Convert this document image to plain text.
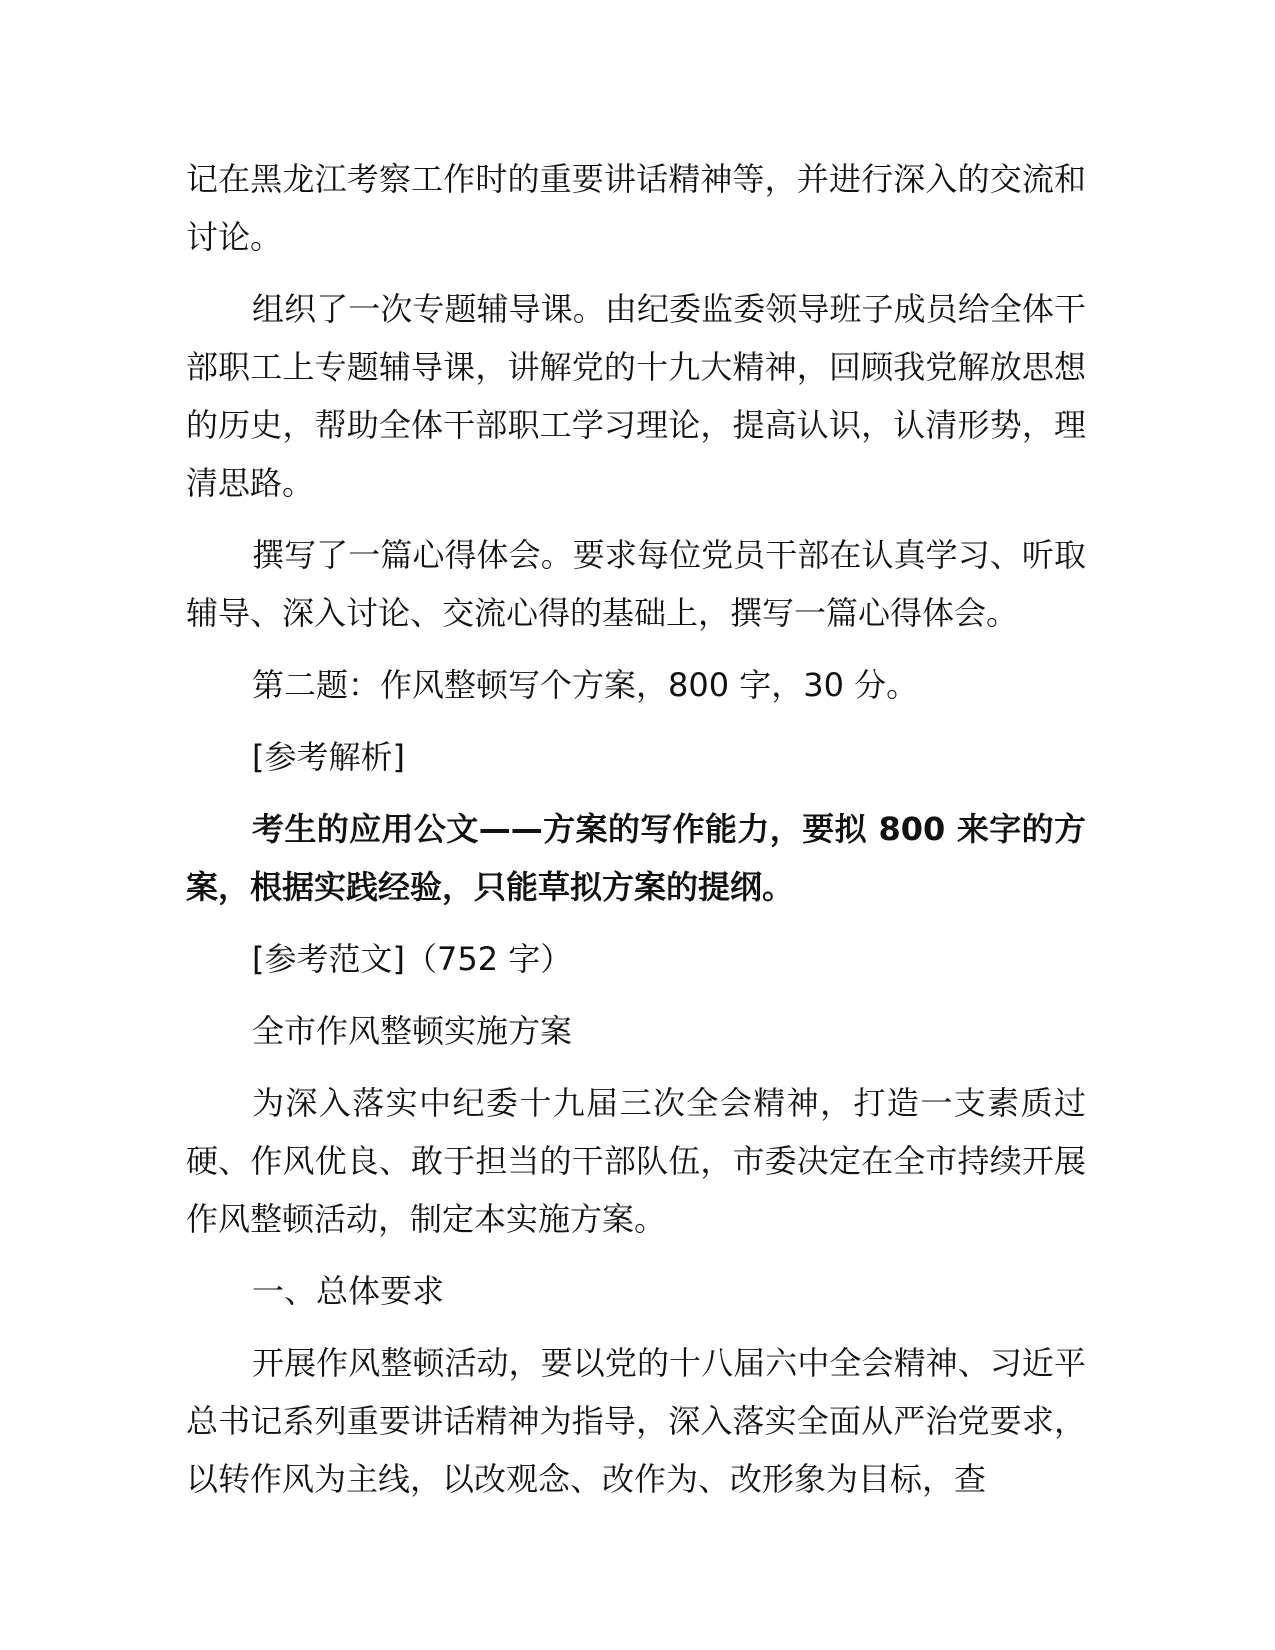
记在黑龙江考察工作时的重要讲话精神等，并进行深入的交流和讨论。

组织了一次专题辅导课。由纪委监委领导班子成员给全体干部职工上专题辅导课，讲解党的十九大精神，回顾我党解放思想的历史，帮助全体干部职工学习理论，提高认识，认清形势，理清思路。

撰写了一篇心得体会。要求每位党员干部在认真学习、听取辅导、深入讨论、交流心得的基础上，撰写一篇心得体会。

第二题：作风整顿写个方案，800 字，30 分。

[参考解析]

考生的应用公文——方案的写作能力，要拟 800 来字的方案，根据实践经验，只能草拟方案的提纲。

[参考范文]（752 字）

全市作风整顿实施方案

为深入落实中纪委十九届三次全会精神，打造一支素质过硬、作风优良、敢于担当的干部队伍，市委决定在全市持续开展作风整顿活动，制定本实施方案。

一、总体要求

开展作风整顿活动，要以党的十八届六中全会精神、习近平总书记系列重要讲话精神为指导，深入落实全面从严治党要求，以转作风为主线，以改观念、改作为、改形象为目标，查
